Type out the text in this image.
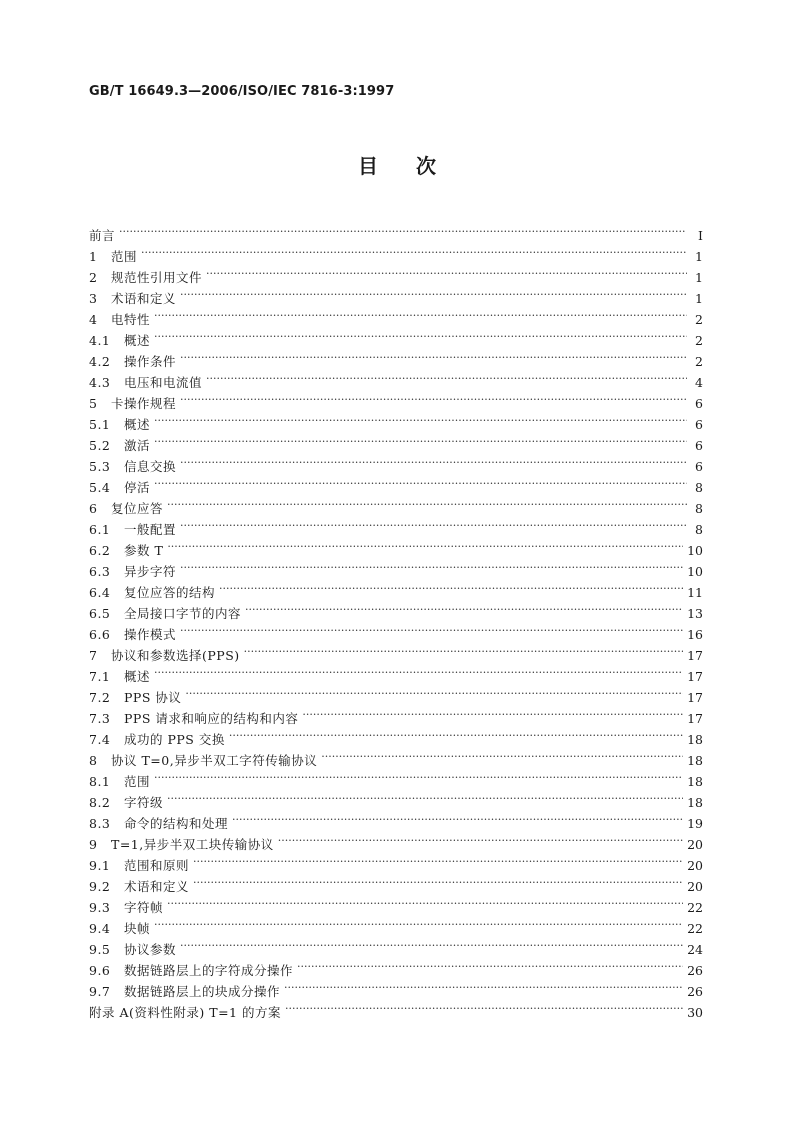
GB/T 16649.3—2006/ISO/IEC 7816-3:1997
目次
前言 ·····	I
1	范围 ·····	1
2	规范性引用文件 ·····	1
3	术语和定义 ·····	1
4	电特性 ·····	2
4.1	概述 ·····	2
4.2	操作条件 ·····	2
4.3	电压和电流值 ·····	4
5	卡操作规程 ·····	6
5.1	概述 ·····	6
5.2	激活 ·····	6
5.3	信息交换 ·····	6
5.4	停活 ·····	8
6	复位应答 ·····	8
6.1	一般配置 ·····	8
6.2	参数 T ·····	10
6.3	异步字符 ·····	10
6.4	复位应答的结构 ·····	11
6.5	全局接口字节的内容 ·····	13
6.6	操作模式 ·····	16
7	协议和参数选择(PPS) ·····	17
7.1	概述 ·····	17
7.2	PPS 协议 ·····	17
7.3	PPS 请求和响应的结构和内容 ·····	17
7.4	成功的 PPS 交换 ·····	18
8	协议 T=0,异步半双工字符传输协议 ·····	18
8.1	范围 ·····	18
8.2	字符级 ·····	18
8.3	命令的结构和处理 ·····	19
9	T=1,异步半双工块传输协议 ·····	20
9.1	范围和原则 ·····	20
9.2	术语和定义 ·····	20
9.3	字符帧 ·····	22
9.4	块帧 ·····	22
9.5	协议参数 ·····	24
9.6	数据链路层上的字符成分操作 ·····	26
9.7	数据链路层上的块成分操作 ·····	26
附录 A(资料性附录) T=1 的方案 ·····	30
